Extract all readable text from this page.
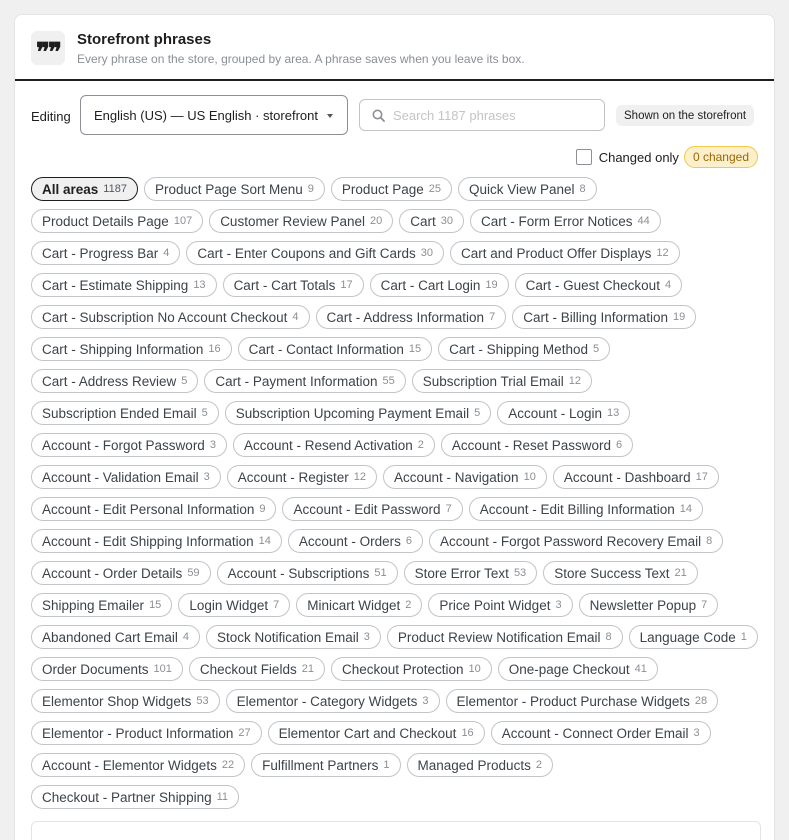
❞❞	Storefront phrases
Every phrase on the store, grouped by area. A phrase saves when you leave its box.
Editing English (US) — US English · storefront
Search 1187 phrases	Shown on the storefront
Changed only	0 changed
All areas 1187 Product Page Sort Menu 9 Product Page 25 Quick View Panel 8
Product Details Page 107 Customer Review Panel 20 Cart 30 Cart - Form Error Notices 44
Cart - Progress Bar 4 Cart - Enter Coupons and Gift Cards 30 Cart and Product Offer Displays 12
Cart - Estimate Shipping 13 Cart - Cart Totals 17 Cart - Cart Login 19 Cart - Guest Checkout 4
Cart - Subscription No Account Checkout 4 Cart - Address Information 7 Cart - Billing Information 19
Cart - Shipping Information 16 Cart - Contact Information 15 Cart - Shipping Method 5
Cart - Address Review 5 Cart - Payment Information 55 Subscription Trial Email 12
Subscription Ended Email 5 Subscription Upcoming Payment Email 5 Account - Login 13
Account - Forgot Password 3 Account - Resend Activation 2 Account - Reset Password 6
Account - Validation Email 3 Account - Register 12 Account - Navigation 10 Account - Dashboard 17
Account - Edit Personal Information 9 Account - Edit Password 7 Account - Edit Billing Information 14
Account - Edit Shipping Information 14 Account - Orders 6 Account - Forgot Password Recovery Email 8
Account - Order Details 59 Account - Subscriptions 51 Store Error Text 53 Store Success Text 21
Shipping Emailer 15 Login Widget 7 Minicart Widget 2 Price Point Widget 3 Newsletter Popup 7
Abandoned Cart Email 4 Stock Notification Email 3 Product Review Notification Email 8 Language Code 1
Order Documents 101 Checkout Fields 21 Checkout Protection 10 One-page Checkout 41
Elementor Shop Widgets 53 Elementor - Category Widgets 3 Elementor - Product Purchase Widgets 28
Elementor - Product Information 27 Elementor Cart and Checkout 16 Account - Connect Order Email 3
Account - Elementor Widgets 22 Fulfillment Partners 1 Managed Products 2
Checkout - Partner Shipping 11
